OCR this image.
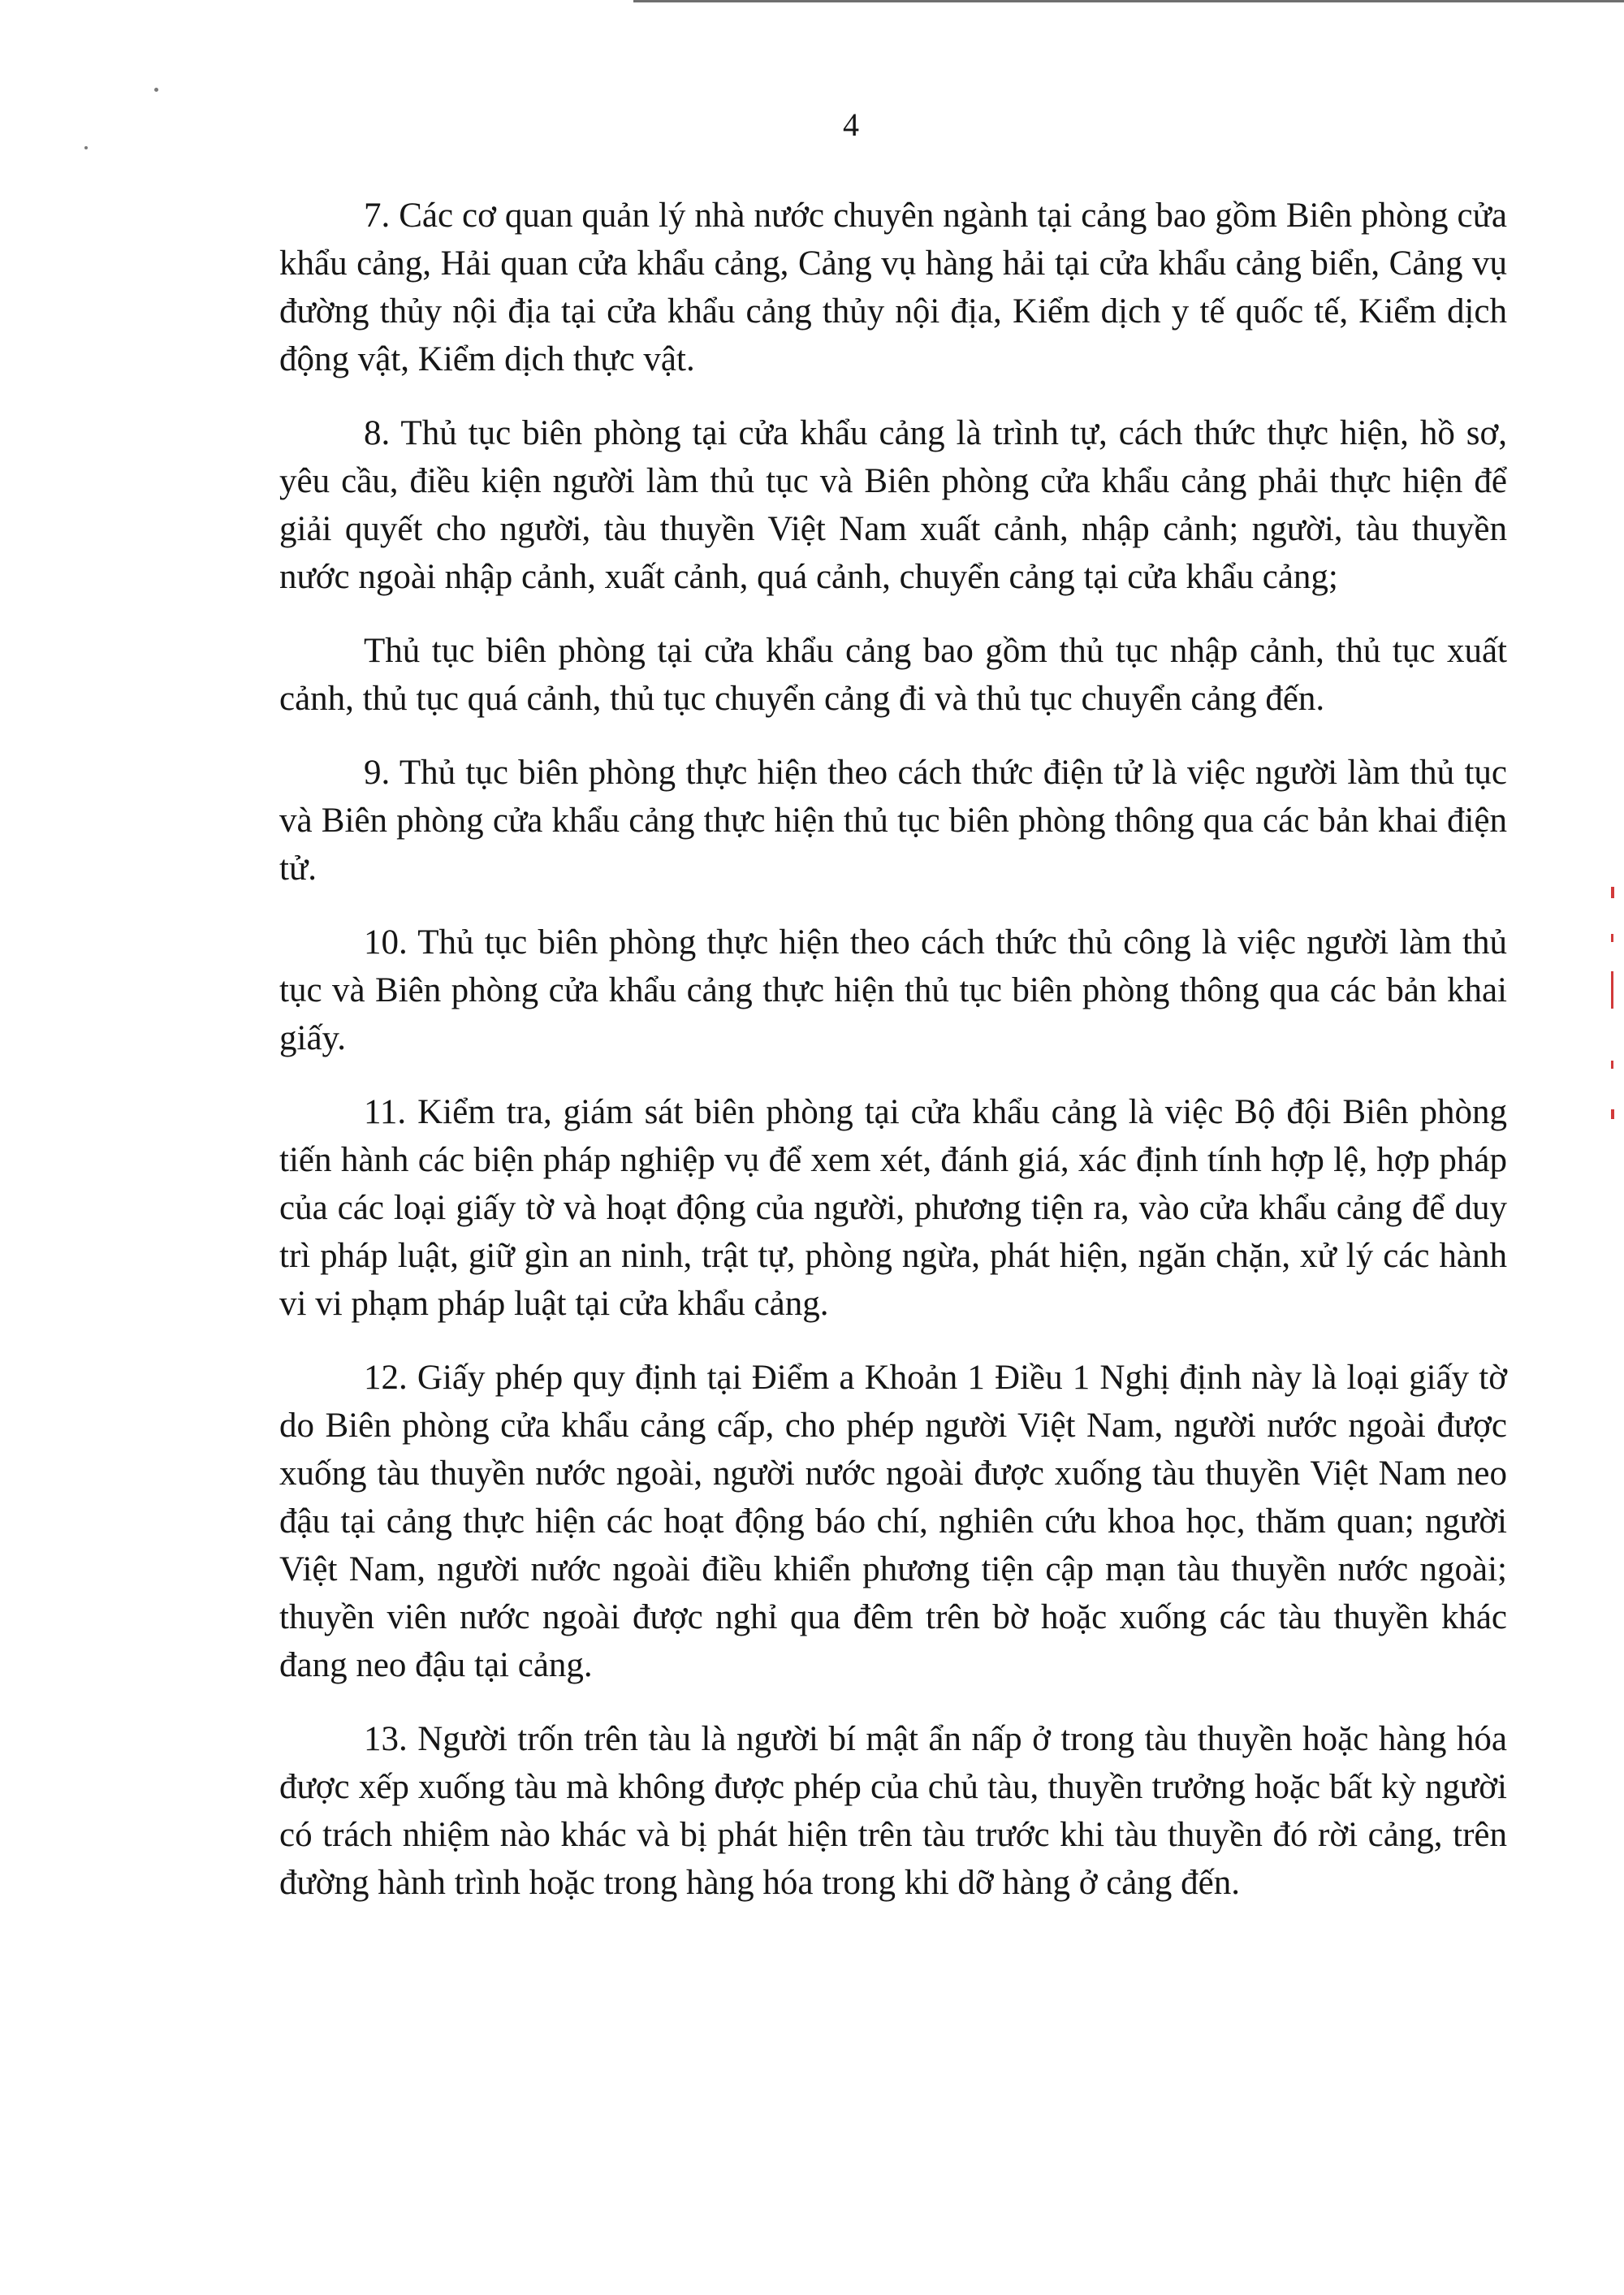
4

7. Các cơ quan quản lý nhà nước chuyên ngành tại cảng bao gồm Biên phòng cửa khẩu cảng, Hải quan cửa khẩu cảng, Cảng vụ hàng hải tại cửa khẩu cảng biển, Cảng vụ đường thủy nội địa tại cửa khẩu cảng thủy nội địa, Kiểm dịch y tế quốc tế, Kiểm dịch động vật, Kiểm dịch thực vật.

8. Thủ tục biên phòng tại cửa khẩu cảng là trình tự, cách thức thực hiện, hồ sơ, yêu cầu, điều kiện người làm thủ tục và Biên phòng cửa khẩu cảng phải thực hiện để giải quyết cho người, tàu thuyền Việt Nam xuất cảnh, nhập cảnh; người, tàu thuyền nước ngoài nhập cảnh, xuất cảnh, quá cảnh, chuyển cảng tại cửa khẩu cảng;

Thủ tục biên phòng tại cửa khẩu cảng bao gồm thủ tục nhập cảnh, thủ tục xuất cảnh, thủ tục quá cảnh, thủ tục chuyển cảng đi và thủ tục chuyển cảng đến.

9. Thủ tục biên phòng thực hiện theo cách thức điện tử là việc người làm thủ tục và Biên phòng cửa khẩu cảng thực hiện thủ tục biên phòng thông qua các bản khai điện tử.

10. Thủ tục biên phòng thực hiện theo cách thức thủ công là việc người làm thủ tục và Biên phòng cửa khẩu cảng thực hiện thủ tục biên phòng thông qua các bản khai giấy.

11. Kiểm tra, giám sát biên phòng tại cửa khẩu cảng là việc Bộ đội Biên phòng tiến hành các biện pháp nghiệp vụ để xem xét, đánh giá, xác định tính hợp lệ, hợp pháp của các loại giấy tờ và hoạt động của người, phương tiện ra, vào cửa khẩu cảng để duy trì pháp luật, giữ gìn an ninh, trật tự, phòng ngừa, phát hiện, ngăn chặn, xử lý các hành vi vi phạm pháp luật tại cửa khẩu cảng.

12. Giấy phép quy định tại Điểm a Khoản 1 Điều 1 Nghị định này là loại giấy tờ do Biên phòng cửa khẩu cảng cấp, cho phép người Việt Nam, người nước ngoài được xuống tàu thuyền nước ngoài, người nước ngoài được xuống tàu thuyền Việt Nam neo đậu tại cảng thực hiện các hoạt động báo chí, nghiên cứu khoa học, thăm quan; người Việt Nam, người nước ngoài điều khiển phương tiện cập mạn tàu thuyền nước ngoài; thuyền viên nước ngoài được nghỉ qua đêm trên bờ hoặc xuống các tàu thuyền khác đang neo đậu tại cảng.

13. Người trốn trên tàu là người bí mật ẩn nấp ở trong tàu thuyền hoặc hàng hóa được xếp xuống tàu mà không được phép của chủ tàu, thuyền trưởng hoặc bất kỳ người có trách nhiệm nào khác và bị phát hiện trên tàu trước khi tàu thuyền đó rời cảng, trên đường hành trình hoặc trong hàng hóa trong khi dỡ hàng ở cảng đến.
